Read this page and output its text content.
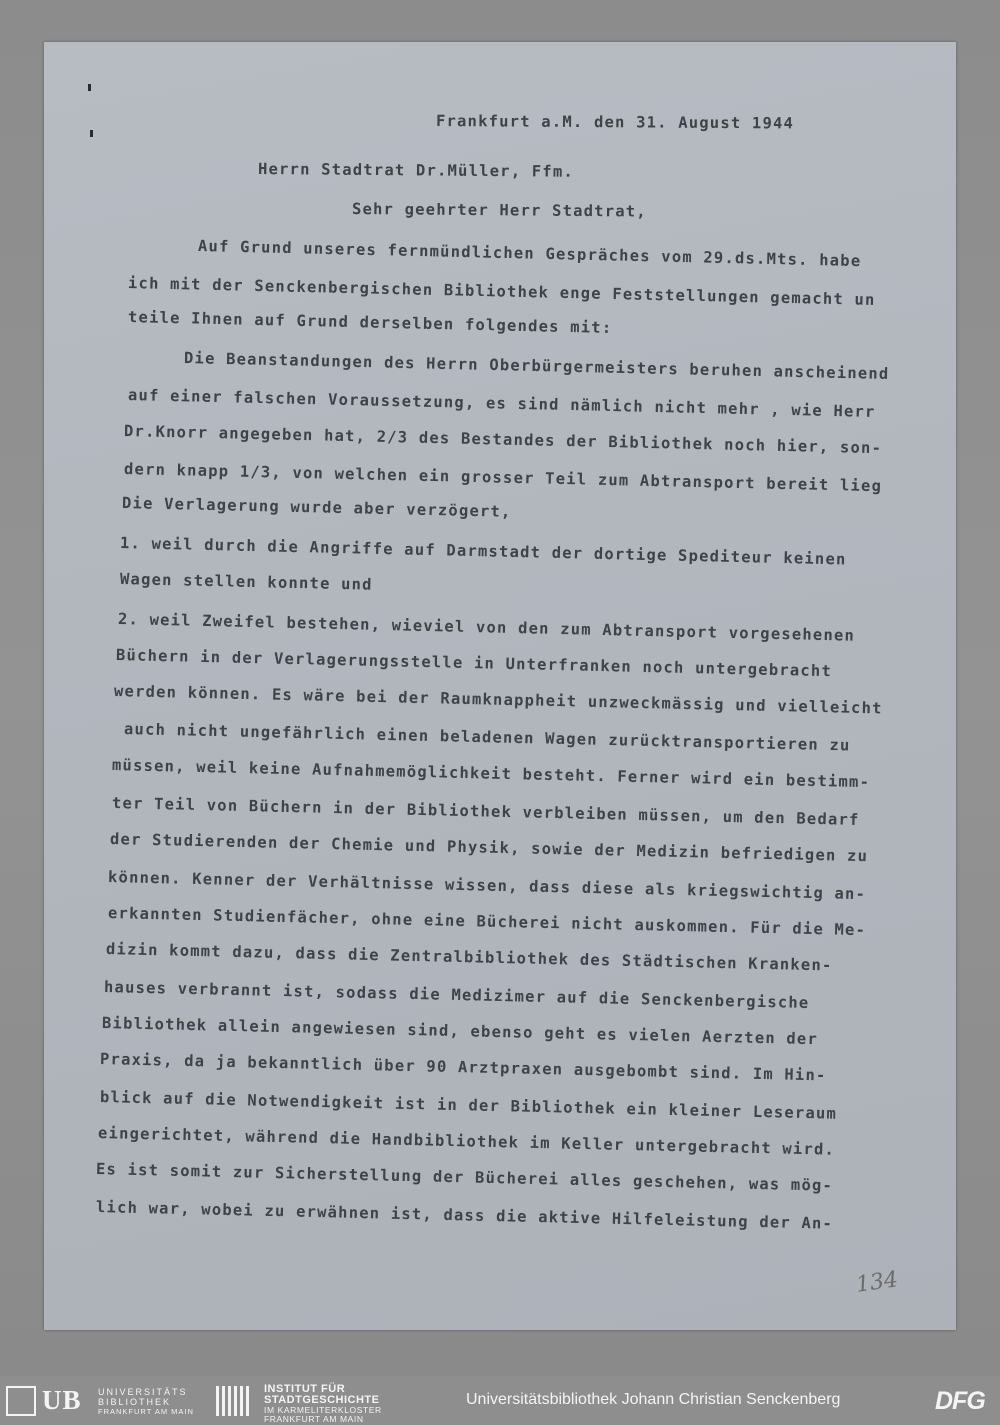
Frankfurt a.M. den 31. August 1944
Herrn Stadtrat Dr.Müller, Ffm.
Sehr geehrter Herr Stadtrat,
Auf Grund unseres fernmündlichen Gespräches vom 29.ds.Mts. habe
ich mit der Senckenbergischen Bibliothek enge Feststellungen gemacht un
teile Ihnen auf Grund derselben folgendes mit:
Die Beanstandungen des Herrn Oberbürgermeisters beruhen anscheinend
auf einer falschen Voraussetzung, es sind nämlich nicht mehr , wie Herr
Dr.Knorr angegeben hat, 2/3 des Bestandes der Bibliothek noch hier, son-
dern knapp 1/3, von welchen ein grosser Teil zum Abtransport bereit lieg
Die Verlagerung wurde aber verzögert,
1. weil durch die Angriffe auf Darmstadt der dortige Spediteur keinen
Wagen stellen konnte und
2. weil Zweifel bestehen, wieviel von den zum Abtransport vorgesehenen
Büchern in der Verlagerungsstelle in Unterfranken noch untergebracht
werden können. Es wäre bei der Raumknappheit unzweckmässig und vielleicht
auch nicht ungefährlich einen beladenen Wagen zurücktransportieren zu
müssen, weil keine Aufnahmemöglichkeit besteht. Ferner wird ein bestimm-
ter Teil von Büchern in der Bibliothek verbleiben müssen, um den Bedarf
der Studierenden der Chemie und Physik, sowie der Medizin befriedigen zu
können. Kenner der Verhältnisse wissen, dass diese als kriegswichtig an-
erkannten Studienfächer, ohne eine Bücherei nicht auskommen. Für die Me-
dizin kommt dazu, dass die Zentralbibliothek des Städtischen Kranken-
hauses verbrannt ist, sodass die Medizimer auf die Senckenbergische
Bibliothek allein angewiesen sind, ebenso geht es vielen Aerzten der
Praxis, da ja bekanntlich über 90 Arztpraxen ausgebombt sind. Im Hin-
blick auf die Notwendigkeit ist in der Bibliothek ein kleiner Leseraum
eingerichtet, während die Handbibliothek im Keller untergebracht wird.
Es ist somit zur Sicherstellung der Bücherei alles geschehen, was mög-
lich war, wobei zu erwähnen ist, dass die aktive Hilfeleistung der An-
134
UB UNIVERSITÄTS
BIBLIOTHEK
FRANKFURT AM MAIN
INSTITUT FÜR
STADTGESCHICHTE
IM KARMELITERKLOSTER
FRANKFURT AM MAIN
Universitätsbibliothek Johann Christian Senckenberg	DFG
